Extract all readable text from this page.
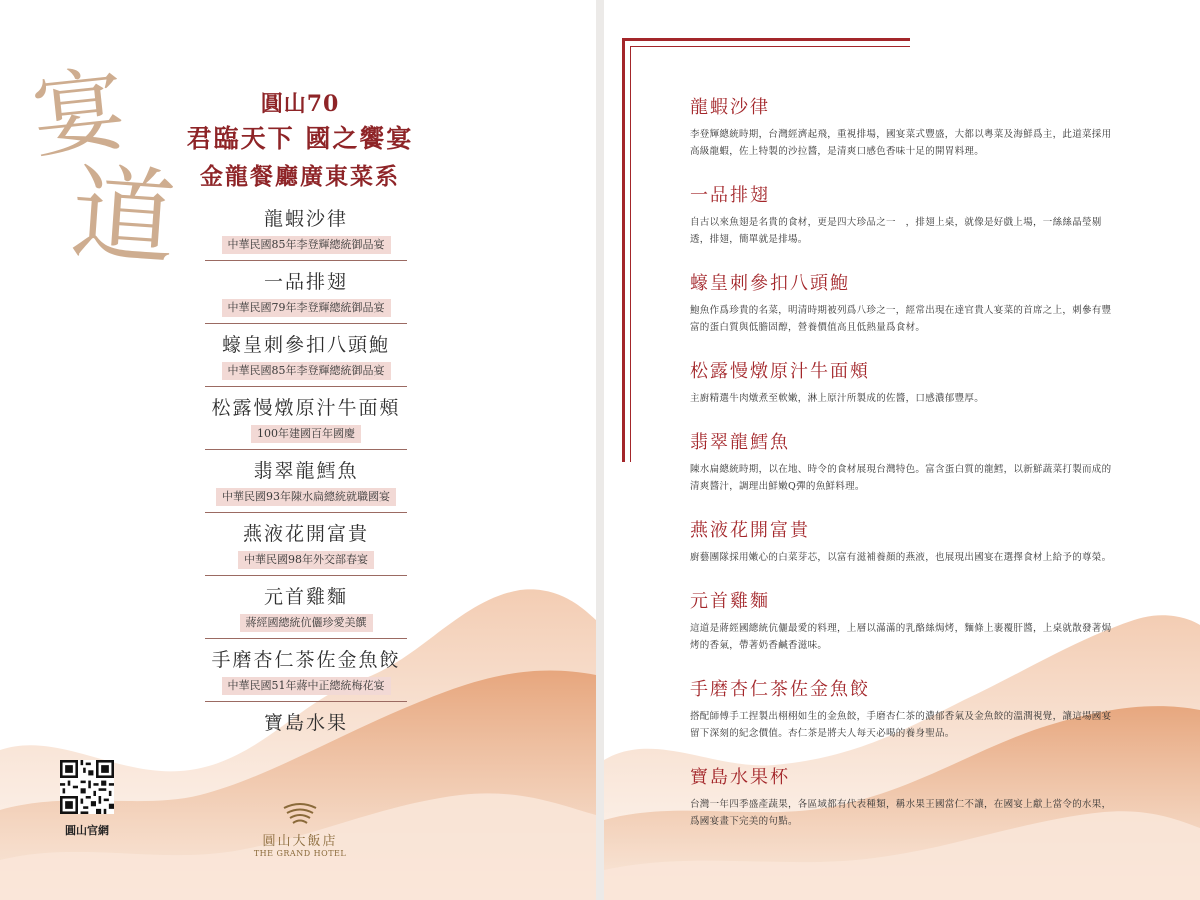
宴
道
圓山70
君臨天下 國之饗宴
金龍餐廳廣東菜系
龍蝦沙律
中華民國85年李登輝總統御品宴
一品排翅
中華民國79年李登輝總統御品宴
蠔皇刺參扣八頭鮑
中華民國85年李登輝總統御品宴
松露慢燉原汁牛面頰
100年建國百年國慶
翡翠龍鱈魚
中華民國93年陳水扁總統就職國宴
燕液花開富貴
中華民國98年外交部春宴
元首雞麵
蔣經國總統伉儷珍愛美饌
手磨杏仁茶佐金魚餃
中華民國51年蔣中正總統梅花宴
寶島水果
圓山官網
圓山大飯店
THE GRAND HOTEL
龍蝦沙律
李登輝總統時期，台灣經濟起飛，重視排場，國宴菜式豐盛，大都以粵菜及海鮮爲主，此道菜採用高級龍蝦，佐上特製的沙拉醬，是清爽口感色香味十足的開胃料理。
一品排翅
自古以來魚翅是名貴的食材，更是四大珍品之一　，排翅上桌，就像是好戲上場，一絲絲晶瑩剔透，排翅，簡單就是排場。
蠔皇刺參扣八頭鮑
鮑魚作爲珍貴的名菜，明清時期被列爲八珍之一，經常出現在達官貴人宴菜的首席之上，刺參有豐富的蛋白質與低膽固醇，營養價值高且低熱量爲食材。
松露慢燉原汁牛面頰
主廚精選牛肉燉煮至軟嫩，淋上原汁所製成的佐醬，口感濃郁豐厚。
翡翠龍鱈魚
陳水扁總統時期，以在地、時令的食材展現台灣特色。富含蛋白質的龍鱈，以新鮮蔬菜打製而成的清爽醬汁，調理出鮮嫩Q彈的魚鮮料理。
燕液花開富貴
廚藝團隊採用嫩心的白菜芽芯，以富有滋補養顏的燕液，也展現出國宴在選擇食材上給予的尊榮。
元首雞麵
這道是蔣經國總統伉儷最愛的料理，上層以滿滿的乳酪絲焗烤，麵條上裹覆肝醬，上桌就散發著焗烤的香氣，帶著奶香鹹香滋味。
手磨杏仁茶佐金魚餃
搭配師傅手工捏製出栩栩如生的金魚餃，手磨杏仁茶的濃郁香氣及金魚餃的溫潤視覺，讓這場國宴留下深刻的紀念價值。杏仁茶是將夫人每天必喝的養身聖品。
寶島水果杯
台灣一年四季盛產蔬果，各區域都有代表種類，稱水果王國當仁不讓，在國宴上獻上當令的水果，爲國宴畫下完美的句點。
